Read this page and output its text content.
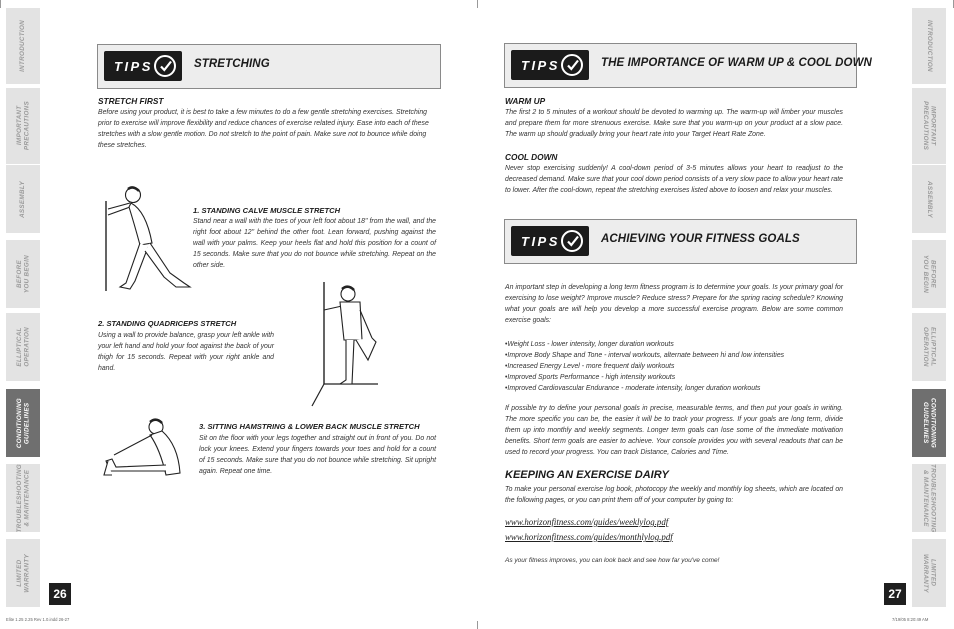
INTRODUCTION
IMPORTANT
PRECAUTIONS
ASSEMBLY
BEFORE
YOU BEGIN
ELLIPTICAL
OPERATION
CONDITIONING
GUIDELINES
TROUBLESHOOTING
& MAINTENANCE
LIMITED
WARRANTY
26
TIPS	STRETCHING
STRETCH FIRST
Before using your product, it is best to take a few minutes to do a few gentle stretching exercises. Stretching prior to exercise will improve flexibility and reduce chances of exercise related injury. Ease into each of these stretches with a slow gentle motion. Do not stretch to the point of pain. Make sure not to bounce while doing these stretches.
1. STANDING CALVE MUSCLE STRETCH
Stand near a wall with the toes of your left foot about 18" from the wall, and the right foot about 12" behind the other foot. Lean forward, pushing against the wall with your palms. Keep your heels flat and hold this position for a count of 15 seconds. Make sure that you do not bounce while stretching. Repeat on the other side.
2. STANDING QUADRICEPS STRETCH
Using a wall to provide balance, grasp your left ankle with your left hand and hold your foot against the back of your thigh for 15 seconds. Repeat with your right ankle and hand.
3. SITTING HAMSTRING & LOWER BACK MUSCLE STRETCH
Sit on the floor with your legs together and straight out in front of you. Do not lock your knees. Extend your fingers towards your toes and hold for a count of 15 seconds. Make sure that you do not bounce while stretching. Sit upright again. Repeat one time.
Elite 1.25 2.25 Rev 1.0.indd 26-27
TIPS	THE IMPORTANCE OF WARM UP & COOL DOWN
WARM UP
The first 2 to 5 minutes of a workout should be devoted to warming up. The warm-up will limber your muscles and prepare them for more strenuous exercise. Make sure that you warm-up on your product at a slow pace. The warm up should gradually bring your heart rate into your Target Heart Rate Zone.
COOL DOWN
Never stop exercising suddenly! A cool-down period of 3-5 minutes allows your heart to readjust to the decreased demand. Make sure that your cool down period consists of a very slow pace to allow your heart rate to lower. After the cool-down, repeat the stretching exercises listed above to loosen and relax your muscles.
TIPS	ACHIEVING YOUR FITNESS GOALS
An important step in developing a long term fitness program is to determine your goals. Is your primary goal for exercising to lose weight? Improve muscle? Reduce stress? Prepare for the spring racing schedule? Knowing what your goals are will help you develop a more successful exercise program. Below are some common exercise goals:
• Weight Loss - lower intensity, longer duration workouts
• Improve Body Shape and Tone - interval workouts, alternate between hi and low intensities
• Increased Energy Level - more frequent daily workouts
• Improved Sports Performance - high intensity workouts
• Improved Cardiovascular Endurance - moderate intensity, longer duration workouts
If possible try to define your personal goals in precise, measurable terms, and then put your goals in writing. The more specific you can be, the easier it will be to track your progress. If your goals are long term, divide them up into monthly and weekly segments. Longer term goals can lose some of the immediate motivation benefits. Short term goals are easier to achieve. Your console provides you with several readouts that can be used to record your progress. You can track Distance, Calories and Time.
KEEPING AN EXERCISE DAIRY
To make your personal exercise log book, photocopy the weekly and monthly log sheets, which are located on the following pages, or you can print them off of your computer by going to:
www.horizonfitness.com/guides/weeklylog.pdf
www.horizonfitness.com/guides/monthlylog.pdf
As your fitness improves, you can look back and see how far you've come!
27
7/19/05 8:20:49 AM
INTRODUCTION
IMPORTANT
PRECAUTIONS
ASSEMBLY
BEFORE
YOU BEGIN
ELLIPTICAL
OPERATION
CONDITIONING
GUIDELINES
TROUBLESHOOTING
& MAINTENANCE
LIMITED
WARRANTY
